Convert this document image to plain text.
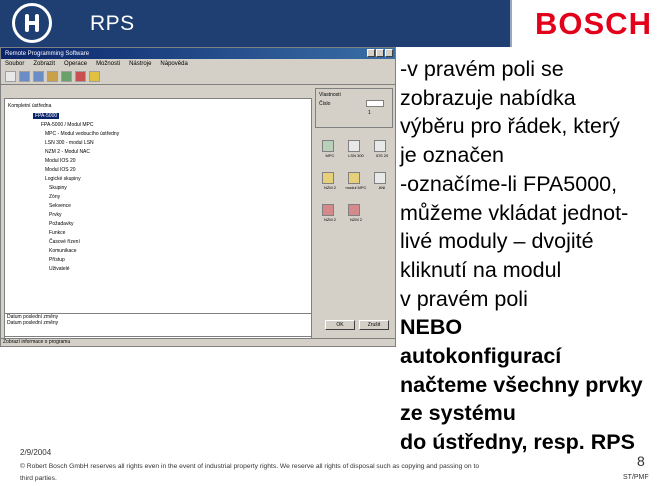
RPS	BOSCH
Remote Programming Software
Soubor Zobrazit Operace Možnosti Nástroje Nápověda
Kompletní ústředna
FPA-5000
FPA-5000 / Modul MPC
MPC - Modul vedoucího ústředny
LSN 300 - modul LSN
NZM 2 - Modul NAC
Modul IOS 20
Modul IOS 20
Logické skupiny
Skupiny
Zóny
Sekvence
Prvky
Požadavky
Funkce
Časové řízení
Komunikace
Přístup
Uživatelé
Vlastnosti
Číslo
1
MPC	LSN 300	IOS 20
NZM 2	modul MPC	ANI
NZM 2	NZM 2
OK	Zrušit
Datum poslední změny
Datum poslední změny
Zobrazí informace o programu
-v pravém poli se
zobrazuje nabídka
výběru pro řádek, který
je označen
-označíme-li FPA5000,
můžeme vkládat jednot-
livé moduly – dvojité
kliknutí na modul
v pravém poli
NEBO
autokonfigurací
načteme všechny prvky
ze systému
do ústředny, resp. RPS
2/9/2004
© Robert Bosch GmbH reserves all rights even in the event of industrial property rights. We reserve all rights of disposal such as copying and passing on to third parties.
8
ST/PMF
